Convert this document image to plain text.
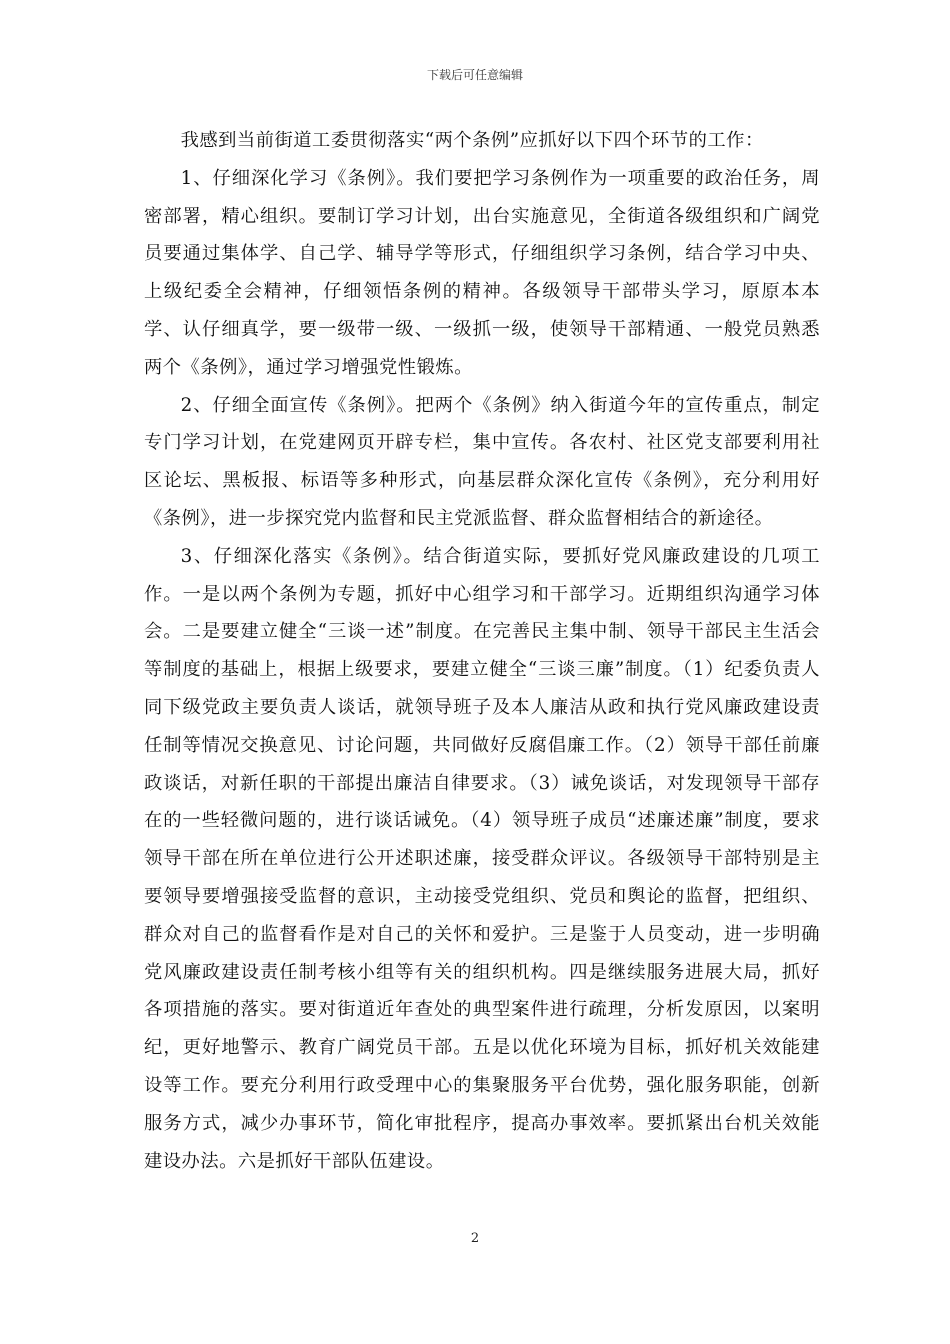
下载后可任意编辑

我感到当前街道工委贯彻落实“两个条例”应抓好以下四个环节的工作：

1、仔细深化学习《条例》。我们要把学习条例作为一项重要的政治任务，周密部署，精心组织。要制订学习计划，出台实施意见，全街道各级组织和广阔党员要通过集体学、自己学、辅导学等形式，仔细组织学习条例，结合学习中央、上级纪委全会精神，仔细领悟条例的精神。各级领导干部带头学习，原原本本学、认仔细真学，要一级带一级、一级抓一级，使领导干部精通、一般党员熟悉两个《条例》，通过学习增强党性锻炼。

2、仔细全面宣传《条例》。把两个《条例》纳入街道今年的宣传重点，制定专门学习计划，在党建网页开辟专栏，集中宣传。各农村、社区党支部要利用社区论坛、黑板报、标语等多种形式，向基层群众深化宣传《条例》，充分利用好《条例》，进一步探究党内监督和民主党派监督、群众监督相结合的新途径。

3、仔细深化落实《条例》。结合街道实际，要抓好党风廉政建设的几项工作。一是以两个条例为专题，抓好中心组学习和干部学习。近期组织沟通学习体会。二是要建立健全“三谈一述”制度。在完善民主集中制、领导干部民主生活会等制度的基础上，根据上级要求，要建立健全“三谈三廉”制度。（1）纪委负责人同下级党政主要负责人谈话，就领导班子及本人廉洁从政和执行党风廉政建设责任制等情况交换意见、讨论问题，共同做好反腐倡廉工作。（2）领导干部任前廉政谈话，对新任职的干部提出廉洁自律要求。（3）诫免谈话，对发现领导干部存在的一些轻微问题的，进行谈话诫免。（4）领导班子成员“述廉述廉”制度，要求领导干部在所在单位进行公开述职述廉，接受群众评议。各级领导干部特别是主要领导要增强接受监督的意识，主动接受党组织、党员和舆论的监督，把组织、群众对自己的监督看作是对自己的关怀和爱护。三是鉴于人员变动，进一步明确党风廉政建设责任制考核小组等有关的组织机构。四是继续服务进展大局，抓好各项措施的落实。要对街道近年查处的典型案件进行疏理，分析发原因，以案明纪，更好地警示、教育广阔党员干部。五是以优化环境为目标，抓好机关效能建设等工作。要充分利用行政受理中心的集聚服务平台优势，强化服务职能，创新服务方式，减少办事环节，简化审批程序，提高办事效率。要抓紧出台机关效能建设办法。六是抓好干部队伍建设。

2
